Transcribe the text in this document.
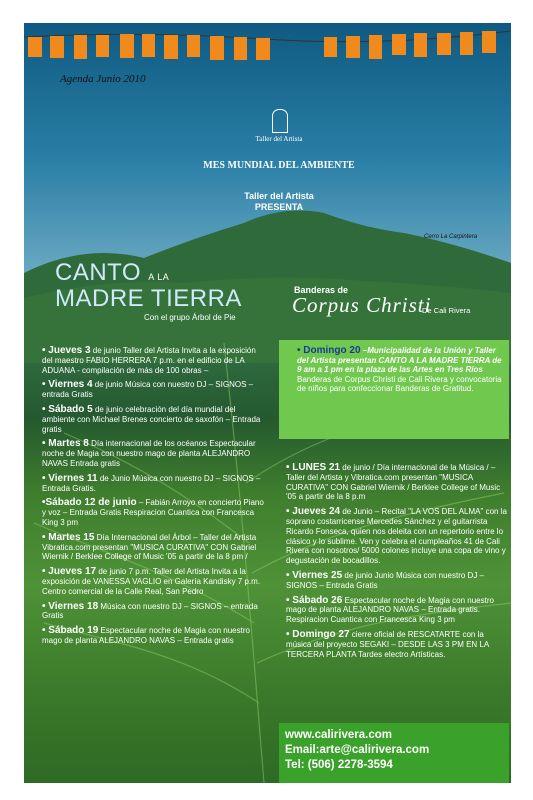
Agenda Junio 2010
Taller del Artista
MES MUNDIAL DEL AMBIENTE
Taller del Artista
PRESENTA
Cerro La Carpintera
CANTO A LA
MADRE TIERRA
Con el grupo Árbol de Pie
Banderas de
Corpus Christi
De Cali Rivera

• Jueves 3 de junio Taller del Artista Invita a la exposición del maestro FABIO HERRERA 7 p.m. en el edificio de LA ADUANA - compilación de más de 100 obras –

• Viernes 4 de junio Música con nuestro DJ – SIGNOS – entrada Gratis

• Sábado 5 de junio celebración del día mundial del ambiente con Michael Brenes concierto de saxofón – Entrada gratis

• Martes 8 Día internacional de los océanos Espectacular noche de Magia con nuestro mago de planta ALEJANDRO NAVAS Entrada gratis

• Viernes 11 de Junio Música con nuestro DJ – SIGNOS – Entrada Gratis.

•Sábado 12 de junio – Fabián Arroyo en concierto Piano y voz – Entrada Gratis Respiracion Cuantica con Francesca King 3 pm

• Martes 15 Día Internacional del Árbol – Taller del Artista Vibratica.com presentan "MUSICA CURATIVA" CON Gabriel Wiernik / Berklee College of Music '05 a partir de la 8 pm /

• Jueves 17 de junio 7 p.m. Taller del Artista Invita a la exposición de VANESSA VAGLIO en Galería Kandisky 7 p.m. Centro comercial de la Calle Real, San Pedro

• Viernes 18 Música con nuestro DJ – SIGNOS – entrada Gratis

• Sábado 19 Espectacular noche de Magia con nuestro mago de planta ALEJANDRO NAVAS – Entrada gratis

• Domingo 20 –Municipalidad de la Unión y Taller del Artista presentan CANTO A LA MADRE TIERRA de 9 am a 1 pm en la plaza de las Artes en Tres Ríos Banderas de Corpus Christi de Cali Rivera y convocatoria de niños para confeccionar Banderas de Gratitud.

• LUNES 21 de junio / Día internacional de la Música / – Taller del Artista y Vibratica.com presentan "MUSICA CURATIVA" CON Gabriel Wiernik / Berklee College of Music '05 a partir de la 8 p.m

• Jueves 24 de Junio – Recital "LA VOS DEL ALMA" con la soprano costarricense Mercedes Sánchez y el guitarrista Ricardo Fonseca, quien nos deleita con un repertorio entre lo clásico y lo sublime. Ven y celebra el cumpleaños 41 de Cali Rivera con nosotros/ 5000 colones incluye una copa de vino y degustación de bocadillos.

• Viernes 25 de junio Junio Música con nuestro DJ – SIGNOS – Entrada Gratis

• Sábado 26 Espectacular noche de Magia con nuestro mago de planta ALEJANDRO NAVAS – Entrada gratis. Respiracion Cuantica con Francesca King 3 pm

• Domingo 27 cierre oficial de RESCATARTE con la música del proyecto SEGAKI – DESDE LAS 3 PM EN LA TERCERA PLANTA Tardes electro Artísticas.

www.calirivera.com
Email:arte@calirivera.com
Tel: (506) 2278-3594
